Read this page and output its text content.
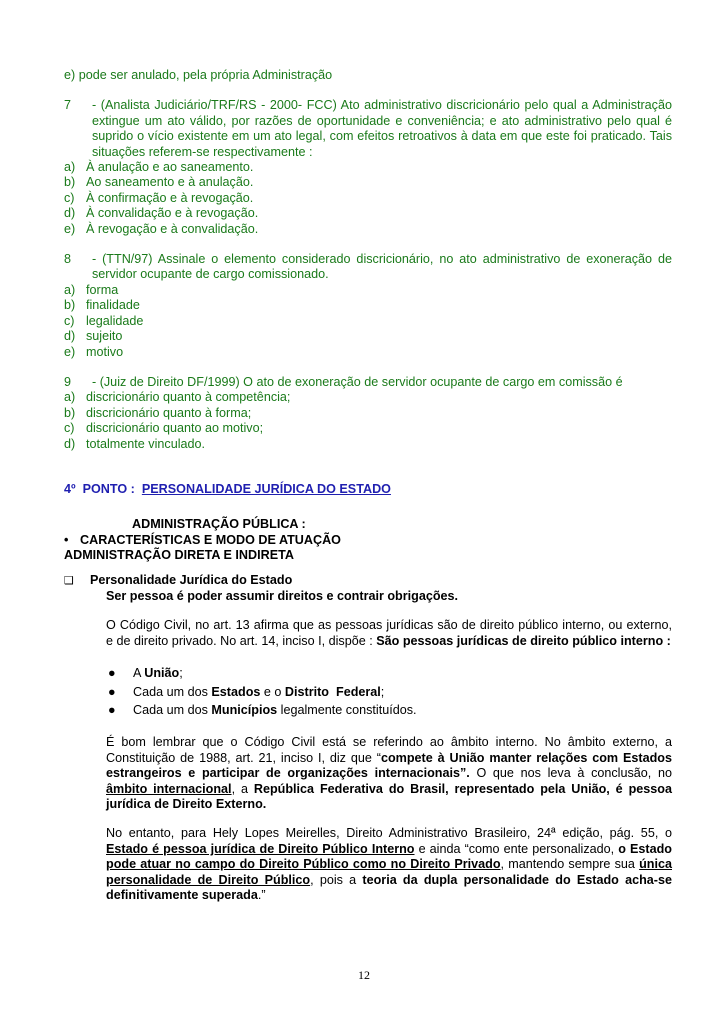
e) pode ser anulado, pela própria Administração
7	- (Analista Judiciário/TRF/RS - 2000- FCC) Ato administrativo discricionário pelo qual a Administração extingue um ato válido, por razões de oportunidade e conveniência; e ato administrativo pelo qual é suprido o vício existente em um ato legal, com efeitos retroativos à data em que este foi praticado. Tais situações referem-se respectivamente :
a) À anulação e ao saneamento.
b) Ao saneamento e à anulação.
c) À confirmação e à revogação.
d) À convalidação e à revogação.
e) À revogação e à convalidação.
8	- (TTN/97) Assinale o elemento considerado discricionário, no ato administrativo de exoneração de servidor ocupante de cargo comissionado.
a) forma
b) finalidade
c) legalidade
d) sujeito
e) motivo
9	- (Juiz de Direito DF/1999) O ato de exoneração de servidor ocupante de cargo em comissão é
a) discricionário quanto à competência;
b) discricionário quanto à forma;
c) discricionário quanto ao motivo;
d) totalmente vinculado.
4º  PONTO :  PERSONALIDADE JURÍDICA DO ESTADO
ADMINISTRAÇÃO PÚBLICA :
• CARACTERÍSTICAS E MODO DE ATUAÇÃO
ADMINISTRAÇÃO DIRETA E INDIRETA
❑	Personalidade Jurídica do Estado
Ser pessoa é poder assumir direitos e contrair obrigações.
O Código Civil, no art. 13 afirma que as pessoas jurídicas são de direito público interno, ou externo, e de direito privado. No art. 14, inciso I, dispõe : São pessoas jurídicas de direito público interno :
●	A União;
●	Cada um dos Estados e o Distrito  Federal;
●	Cada um dos Municípios legalmente constituídos.
É bom lembrar que o Código Civil está se referindo ao âmbito interno. No âmbito externo, a Constituição de 1988, art. 21, inciso I, diz que “compete à União manter relações com Estados estrangeiros e participar de organizações internacionais”. O que nos leva à conclusão, no âmbito internacional, a República Federativa do Brasil, representado pela União, é pessoa jurídica de Direito Externo.
No entanto, para Hely Lopes Meirelles, Direito Administrativo Brasileiro, 24ª edição, pág. 55, o Estado é pessoa jurídica de Direito Público Interno e ainda “como ente personalizado, o Estado pode atuar no campo do Direito Público como no Direito Privado, mantendo sempre sua única personalidade de Direito Público, pois a teoria da dupla personalidade do Estado acha-se definitivamente superada.”
12
